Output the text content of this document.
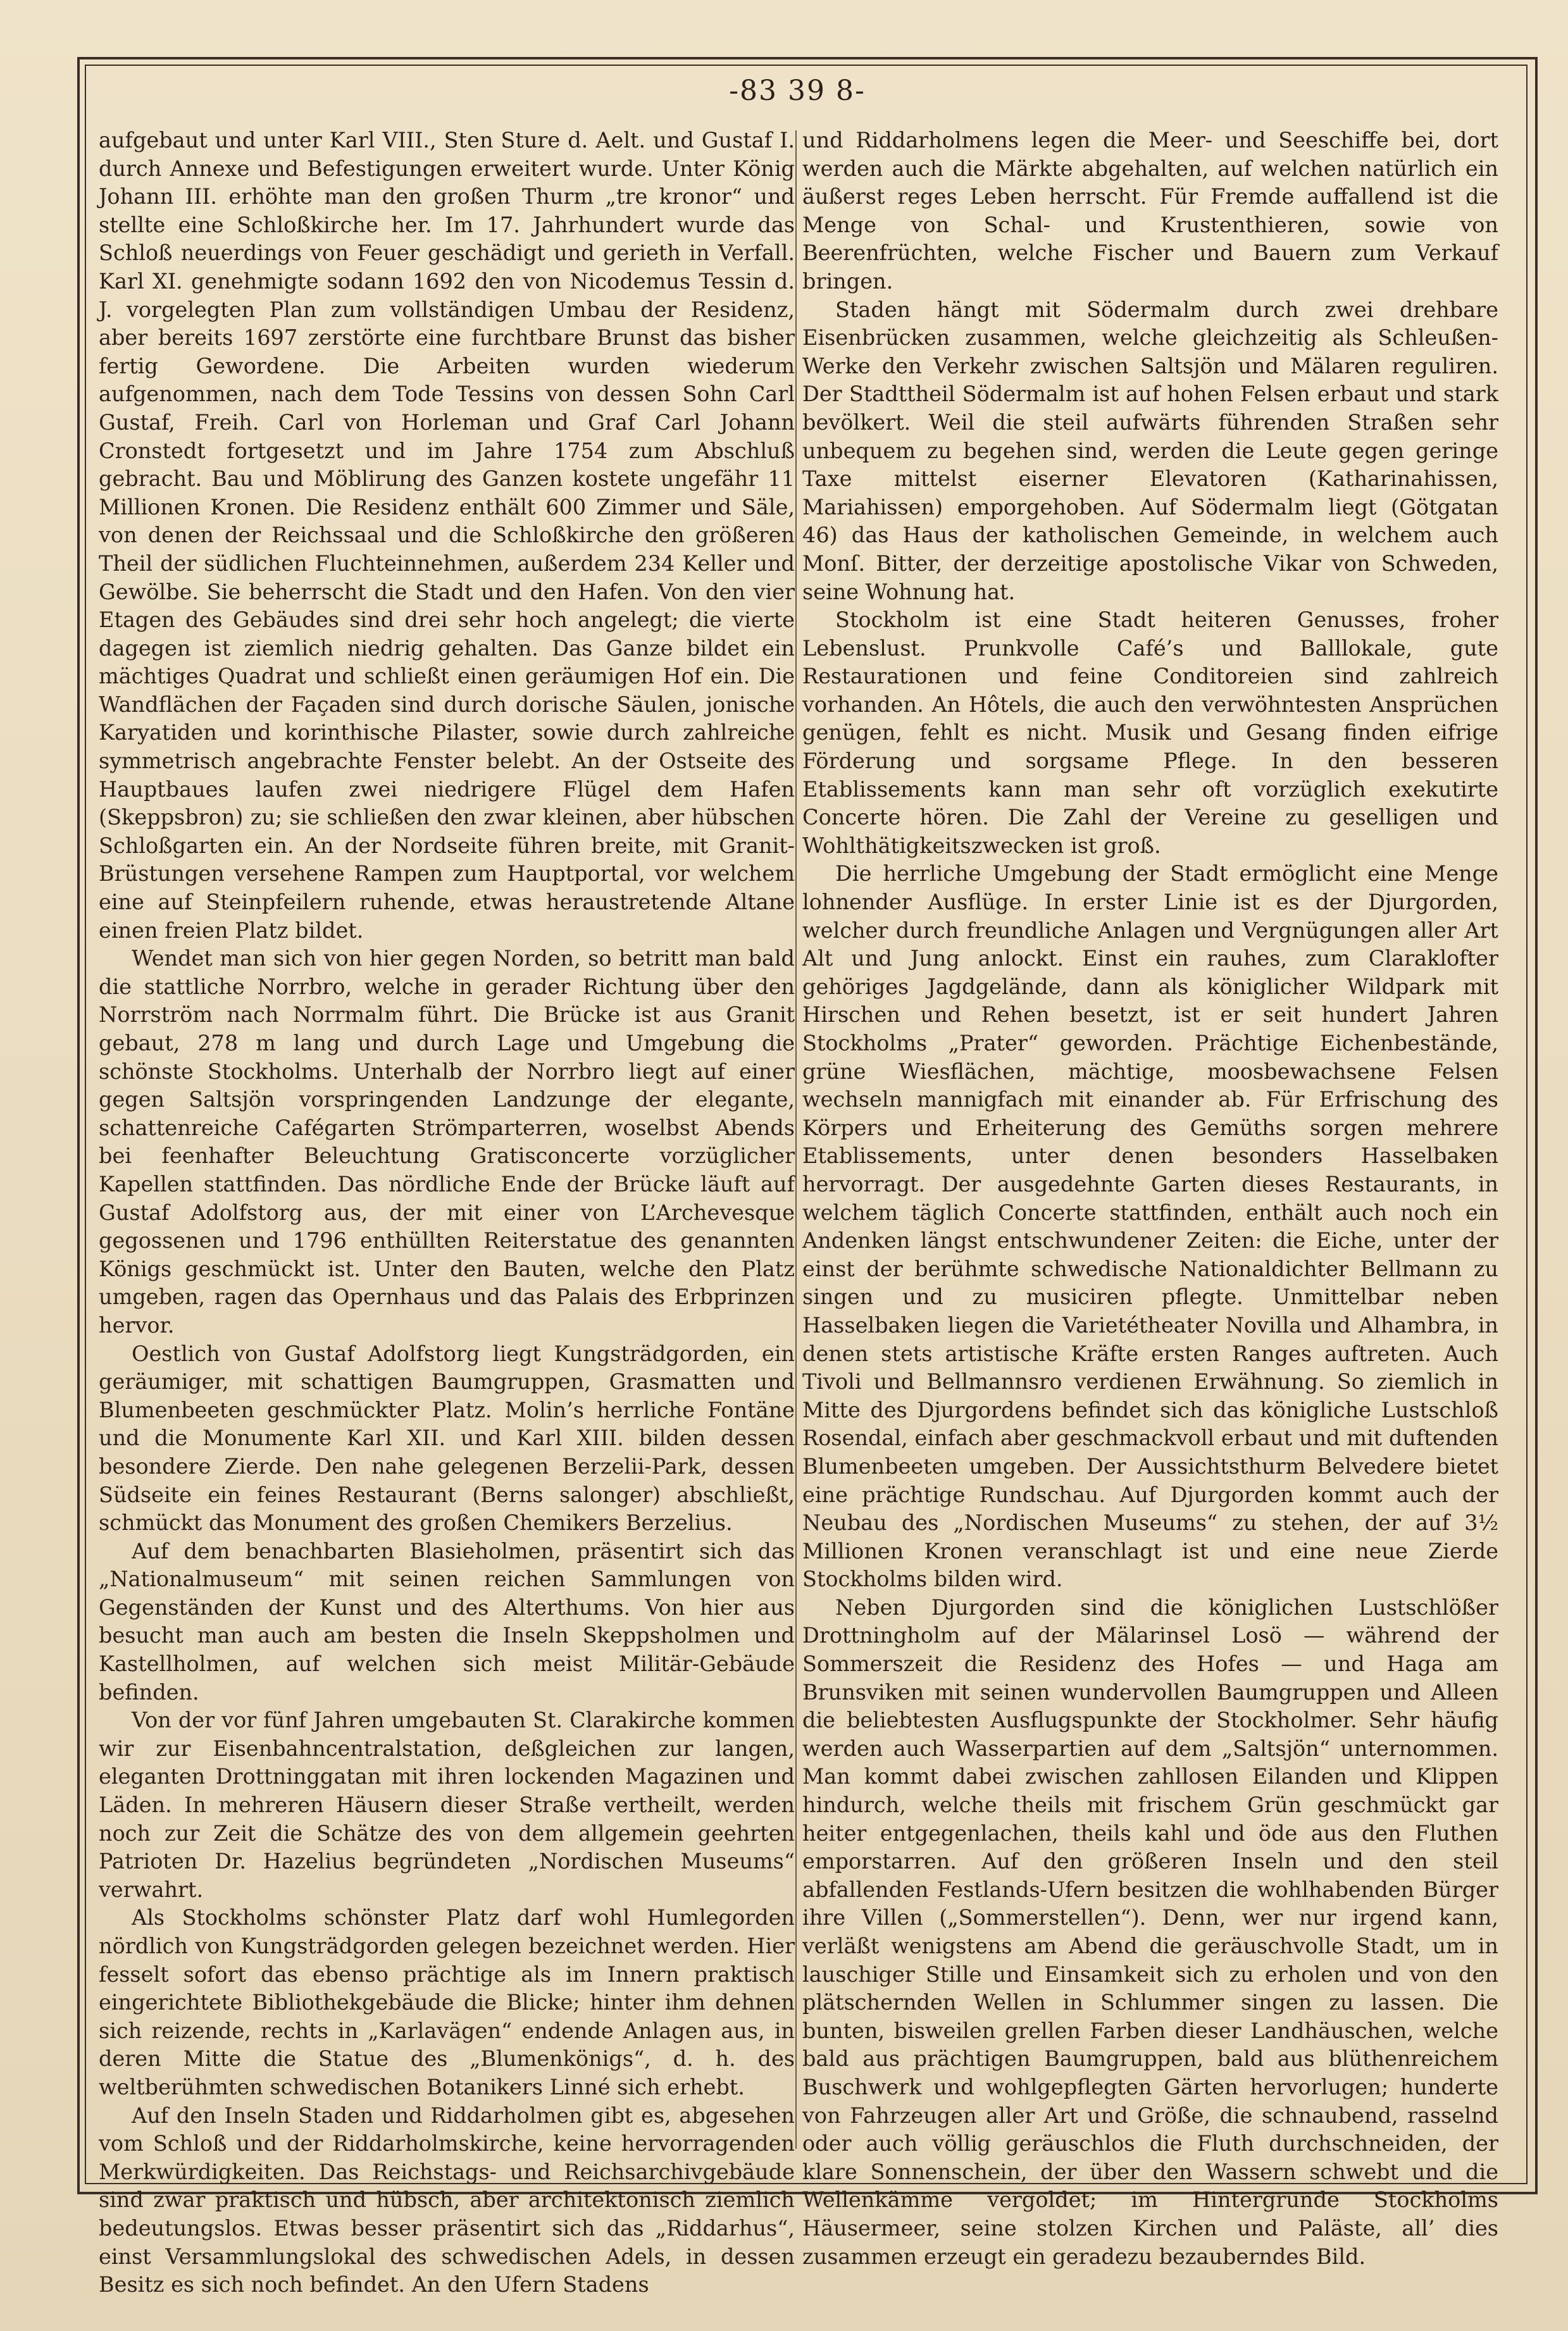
-83 39 8-

aufgebaut und unter Karl VIII., Sten Sture d. Aelt. und Gustaf I. durch Annexe und Befestigungen erweitert wurde. Unter König Johann III. erhöhte man den großen Thurm „tre kronor“ und stellte eine Schloßkirche her. Im 17. Jahrhundert wurde das Schloß neuerdings von Feuer geschädigt und gerieth in Verfall. Karl XI. genehmigte sodann 1692 den von Nicodemus Tessin d. J. vorgelegten Plan zum vollständigen Umbau der Residenz, aber bereits 1697 zerstörte eine furchtbare Brunst das bisher fertig Gewordene. Die Arbeiten wurden wiederum aufgenommen, nach dem Tode Tessins von dessen Sohn Carl Gustaf, Freih. Carl von Horleman und Graf Carl Johann Cronstedt fortgesetzt und im Jahre 1754 zum Abschluß gebracht. Bau und Möblirung des Ganzen kostete ungefähr 11 Millionen Kronen. Die Residenz enthält 600 Zimmer und Säle, von denen der Reichssaal und die Schloßkirche den größeren Theil der südlichen Fluchteinnehmen, außerdem 234 Keller und Gewölbe. Sie beherrscht die Stadt und den Hafen. Von den vier Etagen des Gebäudes sind drei sehr hoch angelegt; die vierte dagegen ist ziemlich niedrig gehalten. Das Ganze bildet ein mächtiges Quadrat und schließt einen geräumigen Hof ein. Die Wandflächen der Façaden sind durch dorische Säulen, jonische Karyatiden und korinthische Pilaster, sowie durch zahlreiche symmetrisch angebrachte Fenster belebt. An der Ostseite des Hauptbaues laufen zwei niedrigere Flügel dem Hafen (Skeppsbron) zu; sie schließen den zwar kleinen, aber hübschen Schloßgarten ein. An der Nordseite führen breite, mit Granit-Brüstungen versehene Rampen zum Hauptportal, vor welchem eine auf Steinpfeilern ruhende, etwas heraustretende Altane einen freien Platz bildet.

Wendet man sich von hier gegen Norden, so betritt man bald die stattliche Norrbro, welche in gerader Richtung über den Norrström nach Norrmalm führt. Die Brücke ist aus Granit gebaut, 278 m lang und durch Lage und Umgebung die schönste Stockholms. Unterhalb der Norrbro liegt auf einer gegen Saltsjön vorspringenden Landzunge der elegante, schattenreiche Cafégarten Strömparterren, woselbst Abends bei feenhafter Beleuchtung Gratisconcerte vorzüglicher Kapellen stattfinden. Das nördliche Ende der Brücke läuft auf Gustaf Adolfstorg aus, der mit einer von L’Archevesque gegossenen und 1796 enthüllten Reiterstatue des genannten Königs geschmückt ist. Unter den Bauten, welche den Platz umgeben, ragen das Opernhaus und das Palais des Erbprinzen hervor.

Oestlich von Gustaf Adolfstorg liegt Kungsträdgorden, ein geräumiger, mit schattigen Baumgruppen, Grasmatten und Blumenbeeten geschmückter Platz. Molin’s herrliche Fontäne und die Monumente Karl XII. und Karl XIII. bilden dessen besondere Zierde. Den nahe gelegenen Berzelii-Park, dessen Südseite ein feines Restaurant (Berns salonger) abschließt, schmückt das Monument des großen Chemikers Berzelius.

Auf dem benachbarten Blasieholmen, präsentirt sich das „Nationalmuseum“ mit seinen reichen Sammlungen von Gegenständen der Kunst und des Alterthums. Von hier aus besucht man auch am besten die Inseln Skeppsholmen und Kastellholmen, auf welchen sich meist Militär-Gebäude befinden.

Von der vor fünf Jahren umgebauten St. Clarakirche kommen wir zur Eisenbahncentralstation, deßgleichen zur langen, eleganten Drottninggatan mit ihren lockenden Magazinen und Läden. In mehreren Häusern dieser Straße vertheilt, werden noch zur Zeit die Schätze des von dem allgemein geehrten Patrioten Dr. Hazelius begründeten „Nordischen Museums“ verwahrt.

Als Stockholms schönster Platz darf wohl Humlegorden nördlich von Kungsträdgorden gelegen bezeichnet werden. Hier fesselt sofort das ebenso prächtige als im Innern praktisch eingerichtete Bibliothekgebäude die Blicke; hinter ihm dehnen sich reizende, rechts in „Karlavägen“ endende Anlagen aus, in deren Mitte die Statue des „Blumenkönigs“, d. h. des weltberühmten schwedischen Botanikers Linné sich erhebt.

Auf den Inseln Staden und Riddarholmen gibt es, abgesehen vom Schloß und der Riddarholmskirche, keine hervorragenden Merkwürdigkeiten. Das Reichstags- und Reichsarchivgebäude sind zwar praktisch und hübsch, aber architektonisch ziemlich bedeutungslos. Etwas besser präsentirt sich das „Riddarhus“, einst Versammlungslokal des schwedischen Adels, in dessen Besitz es sich noch befindet. An den Ufern Stadens

und Riddarholmens legen die Meer- und Seeschiffe bei, dort werden auch die Märkte abgehalten, auf welchen natürlich ein äußerst reges Leben herrscht. Für Fremde auffallend ist die Menge von Schal- und Krustenthieren, sowie von Beerenfrüchten, welche Fischer und Bauern zum Verkauf bringen.

Staden hängt mit Södermalm durch zwei drehbare Eisenbrücken zusammen, welche gleichzeitig als Schleußen-Werke den Verkehr zwischen Saltsjön und Mälaren reguliren. Der Stadttheil Södermalm ist auf hohen Felsen erbaut und stark bevölkert. Weil die steil aufwärts führenden Straßen sehr unbequem zu begehen sind, werden die Leute gegen geringe Taxe mittelst eiserner Elevatoren (Katharinahissen, Mariahissen) emporgehoben. Auf Södermalm liegt (Götgatan 46) das Haus der katholischen Gemeinde, in welchem auch Monſ. Bitter, der derzeitige apostolische Vikar von Schweden, seine Wohnung hat.

Stockholm ist eine Stadt heiteren Genusses, froher Lebenslust. Prunkvolle Café’s und Balllokale, gute Restaurationen und feine Conditoreien sind zahlreich vorhanden. An Hôtels, die auch den verwöhntesten Ansprüchen genügen, fehlt es nicht. Musik und Gesang finden eifrige Förderung und sorgsame Pflege. In den besseren Etablissements kann man sehr oft vorzüglich exekutirte Concerte hören. Die Zahl der Vereine zu geselligen und Wohlthätigkeitszwecken ist groß.

Die herrliche Umgebung der Stadt ermöglicht eine Menge lohnender Ausflüge. In erster Linie ist es der Djurgorden, welcher durch freundliche Anlagen und Vergnügungen aller Art Alt und Jung anlockt. Einst ein rauhes, zum Claraklofter gehöriges Jagdgelände, dann als königlicher Wildpark mit Hirschen und Rehen besetzt, ist er seit hundert Jahren Stockholms „Prater“ geworden. Prächtige Eichenbestände, grüne Wiesflächen, mächtige, moosbewachsene Felsen wechseln mannigfach mit einander ab. Für Erfrischung des Körpers und Erheiterung des Gemüths sorgen mehrere Etablissements, unter denen besonders Hasselbaken hervorragt. Der ausgedehnte Garten dieses Restaurants, in welchem täglich Concerte stattfinden, enthält auch noch ein Andenken längst entschwundener Zeiten: die Eiche, unter der einst der berühmte schwedische Nationaldichter Bellmann zu singen und zu musiciren pflegte. Unmittelbar neben Hasselbaken liegen die Varietétheater Novilla und Alhambra, in denen stets artistische Kräfte ersten Ranges auftreten. Auch Tivoli und Bellmannsro verdienen Erwähnung. So ziemlich in Mitte des Djurgordens befindet sich das königliche Lustschloß Rosendal, einfach aber geschmackvoll erbaut und mit duftenden Blumenbeeten umgeben. Der Aussichtsthurm Belvedere bietet eine prächtige Rundschau. Auf Djurgorden kommt auch der Neubau des „Nordischen Museums“ zu stehen, der auf 3½ Millionen Kronen veranschlagt ist und eine neue Zierde Stockholms bilden wird.

Neben Djurgorden sind die königlichen Lustschlößer Drottningholm auf der Mälarinsel Losö — während der Sommerszeit die Residenz des Hofes — und Haga am Brunsviken mit seinen wundervollen Baumgruppen und Alleen die beliebtesten Ausflugspunkte der Stockholmer. Sehr häufig werden auch Wasserpartien auf dem „Saltsjön“ unternommen. Man kommt dabei zwischen zahllosen Eilanden und Klippen hindurch, welche theils mit frischem Grün geschmückt gar heiter entgegenlachen, theils kahl und öde aus den Fluthen emporstarren. Auf den größeren Inseln und den steil abfallenden Festlands-Ufern besitzen die wohlhabenden Bürger ihre Villen („Sommerstellen“). Denn, wer nur irgend kann, verläßt wenigstens am Abend die geräuschvolle Stadt, um in lauschiger Stille und Einsamkeit sich zu erholen und von den plätschernden Wellen in Schlummer singen zu lassen. Die bunten, bisweilen grellen Farben dieser Landhäuschen, welche bald aus prächtigen Baumgruppen, bald aus blüthenreichem Buschwerk und wohlgepflegten Gärten hervorlugen; hunderte von Fahrzeugen aller Art und Größe, die schnaubend, rasselnd oder auch völlig geräuschlos die Fluth durchschneiden, der klare Sonnenschein, der über den Wassern schwebt und die Wellenkämme vergoldet; im Hintergrunde Stockholms Häusermeer, seine stolzen Kirchen und Paläste, all’ dies zusammen erzeugt ein geradezu bezauberndes Bild.
